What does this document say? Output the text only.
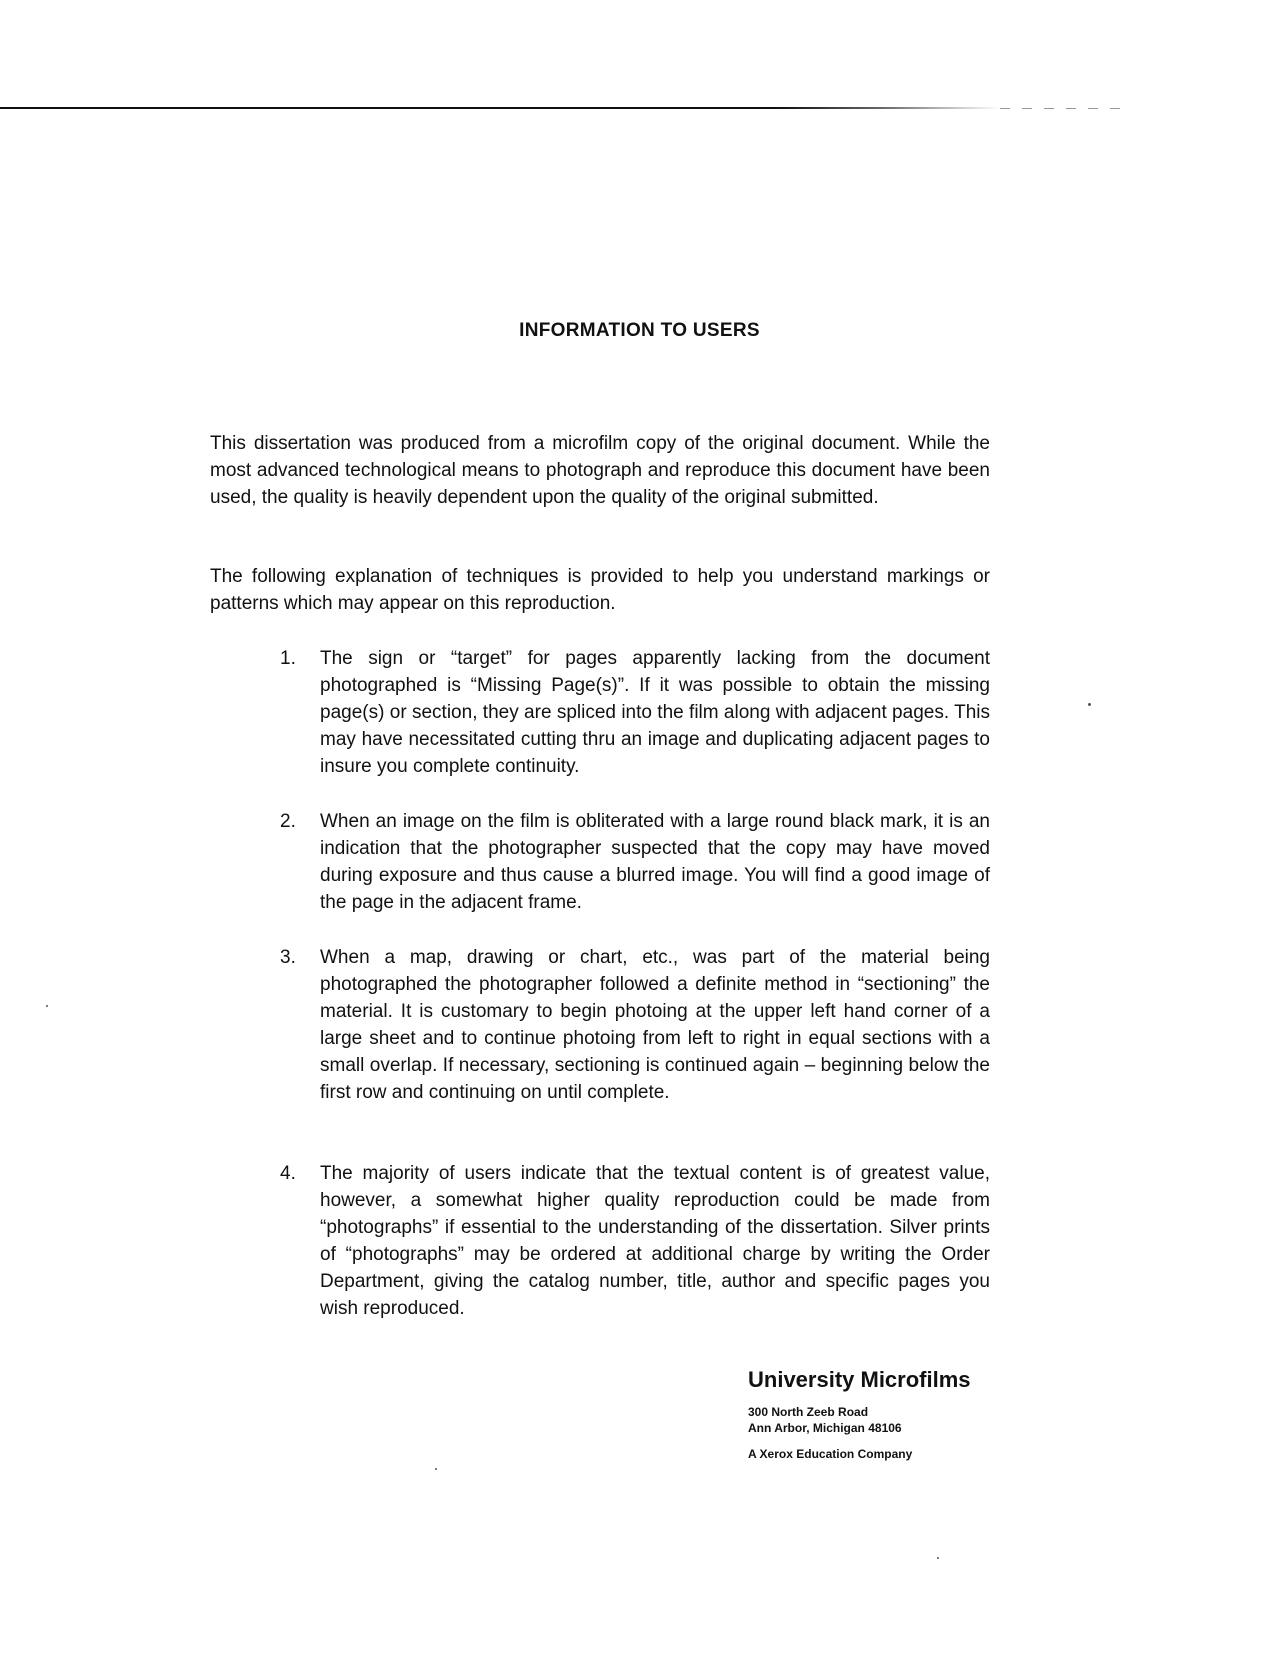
INFORMATION TO USERS

This dissertation was produced from a microfilm copy of the original document. While the most advanced technological means to photograph and reproduce this document have been used, the quality is heavily dependent upon the quality of the original submitted.

The following explanation of techniques is provided to help you understand markings or patterns which may appear on this reproduction.

1.	The sign or “target” for pages apparently lacking from the document photographed is “Missing Page(s)”. If it was possible to obtain the missing page(s) or section, they are spliced into the film along with adjacent pages. This may have necessitated cutting thru an image and duplicating adjacent pages to insure you complete continuity.

2.	When an image on the film is obliterated with a large round black mark, it is an indication that the photographer suspected that the copy may have moved during exposure and thus cause a blurred image. You will find a good image of the page in the adjacent frame.

3.	When a map, drawing or chart, etc., was part of the material being photographed the photographer followed a definite method in “sectioning” the material. It is customary to begin photoing at the upper left hand corner of a large sheet and to continue photoing from left to right in equal sections with a small overlap. If necessary, sectioning is continued again – beginning below the first row and continuing on until complete.

4.	The majority of users indicate that the textual content is of greatest value, however, a somewhat higher quality reproduction could be made from “photographs” if essential to the understanding of the dissertation. Silver prints of “photographs” may be ordered at additional charge by writing the Order Department, giving the catalog number, title, author and specific pages you wish reproduced.

University Microfilms

300 North Zeeb Road

Ann Arbor, Michigan 48106

A Xerox Education Company
